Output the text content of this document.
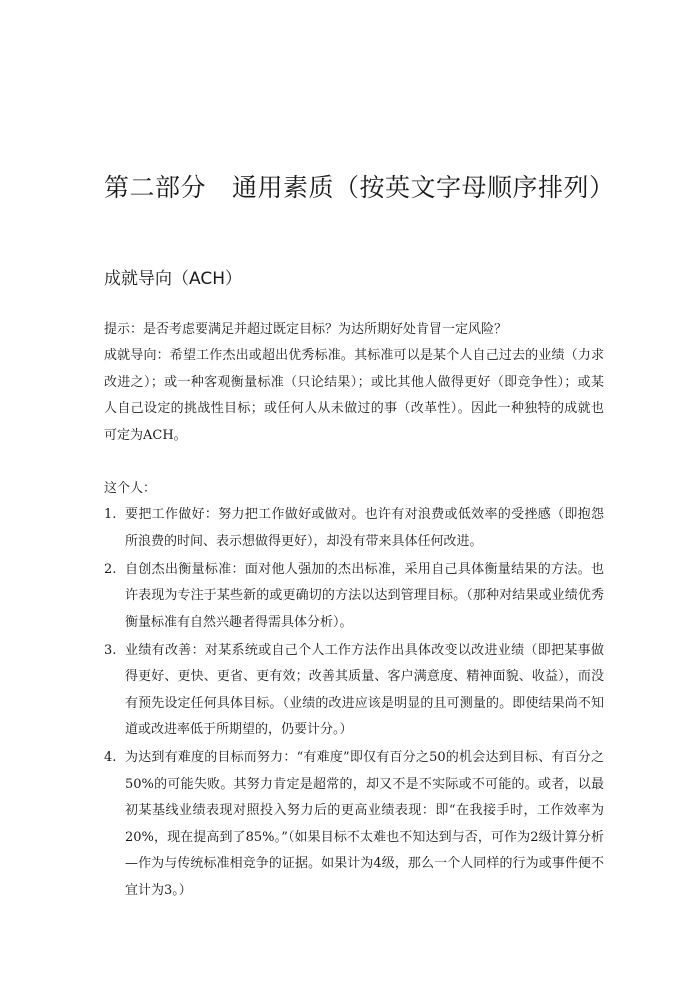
第二部分 通用素质（按英文字母顺序排列）
成就导向（ACH）
提示：是否考虑要满足并超过既定目标？为达所期好处肯冒一定风险？
成就导向：希望工作杰出或超出优秀标准。其标准可以是某个人自己过去的业绩（力求改进之）；或一种客观衡量标准（只论结果）；或比其他人做得更好（即竞争性）；或某人自己设定的挑战性目标；或任何人从未做过的事（改革性）。因此一种独特的成就也可定为ACH。
这个人：
1. 要把工作做好：努力把工作做好或做对。也许有对浪费或低效率的受挫感（即抱怨所浪费的时间、表示想做得更好），却没有带来具体任何改进。
2. 自创杰出衡量标准：面对他人强加的杰出标准，采用自己具体衡量结果的方法。也许表现为专注于某些新的或更确切的方法以达到管理目标。（那种对结果或业绩优秀衡量标准有自然兴趣者得需具体分析）。
3. 业绩有改善：对某系统或自己个人工作方法作出具体改变以改进业绩（即把某事做得更好、更快、更省、更有效；改善其质量、客户满意度、精神面貌、收益），而没有预先设定任何具体目标。（业绩的改进应该是明显的且可测量的。即使结果尚不知道或改进率低于所期望的，仍要计分。）
4. 为达到有难度的目标而努力：“有难度”即仅有百分之50的机会达到目标、有百分之50%的可能失败。其努力肯定是超常的，却又不是不实际或不可能的。或者，以最初某基线业绩表现对照投入努力后的更高业绩表现：即“在我接手时，工作效率为20%，现在提高到了85%。”（如果目标不太难也不知达到与否，可作为2级计算分析—作为与传统标准相竞争的证据。如果计为4级，那么一个人同样的行为或事件便不宜计为3。）
